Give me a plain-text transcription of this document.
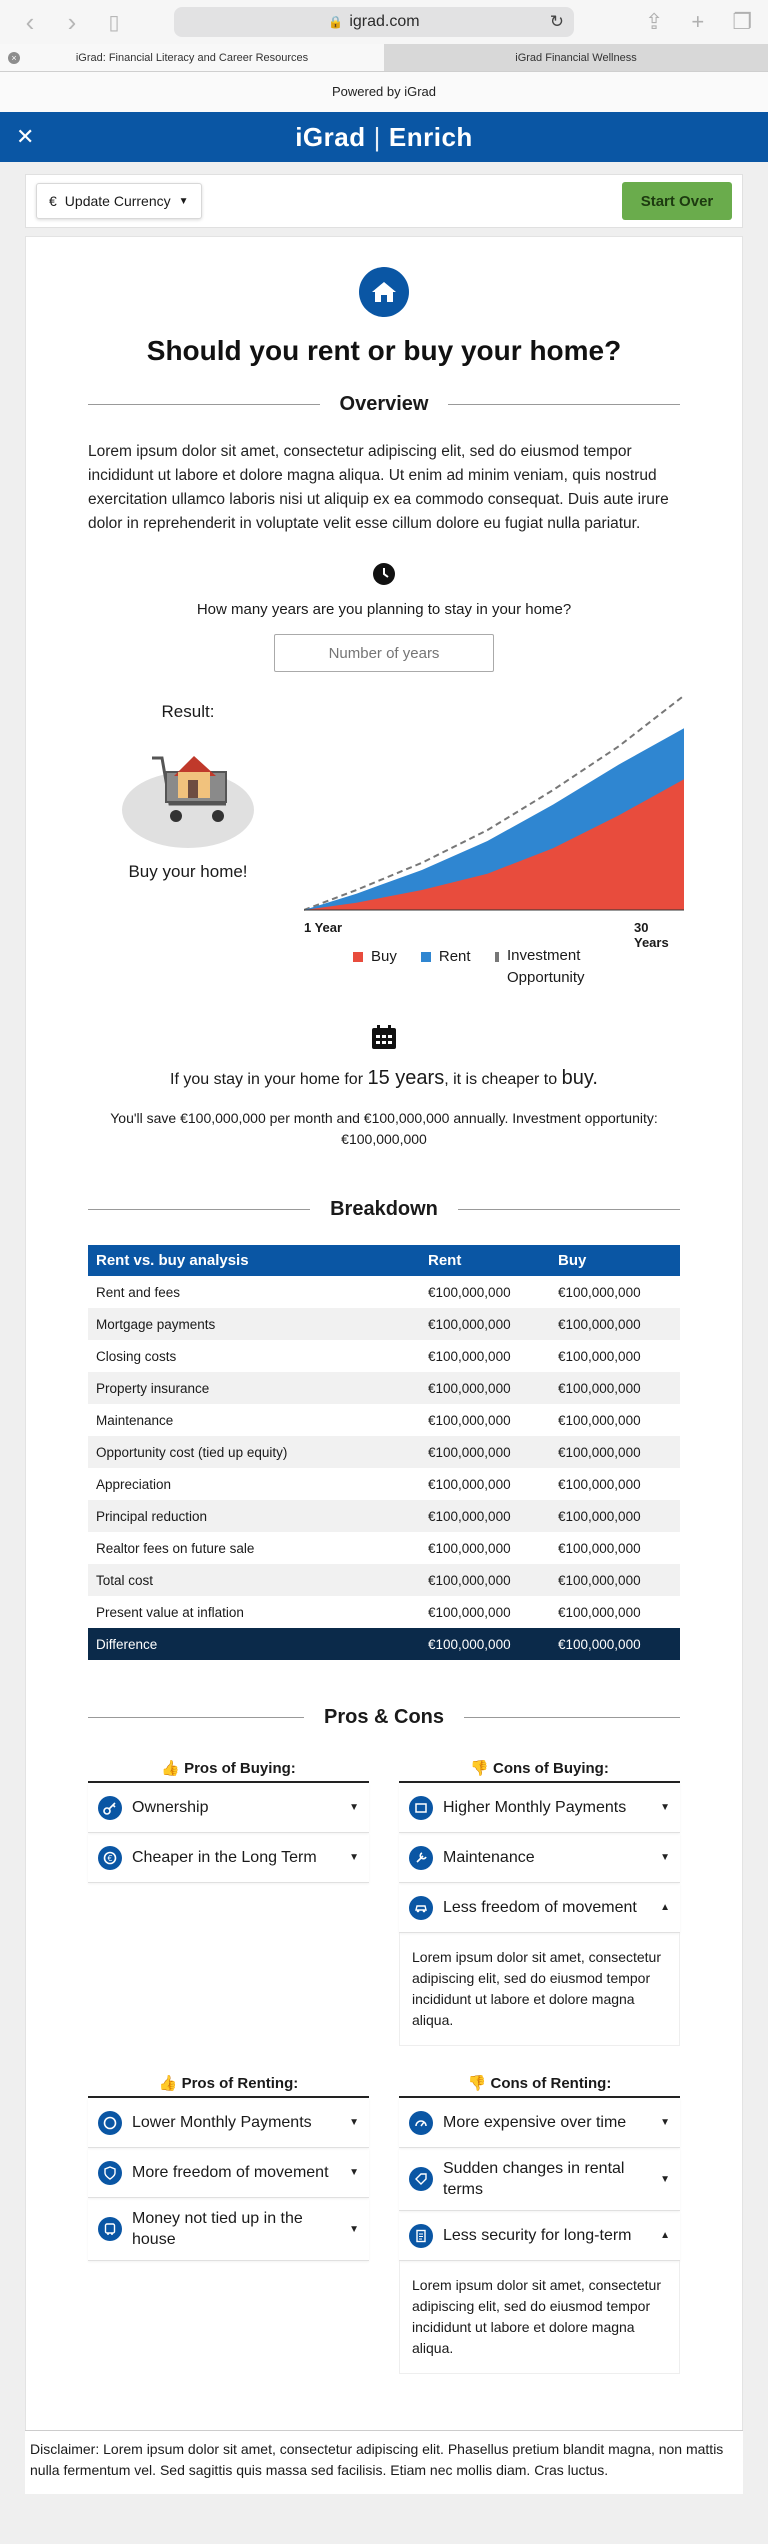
‹	›	▯	🔒 igrad.com	↻	⇪ + ❐
×	iGrad: Financial Literacy and Career Resources	iGrad Financial Wellness
Powered by iGrad
✕	iGrad | Enrich
€ Update Currency ▼	Start Over
Should you rent or buy your home?
Overview

Lorem ipsum dolor sit amet, consectetur adipiscing elit, sed do eiusmod tempor incididunt ut labore et dolore magna aliqua. Ut enim ad minim veniam, quis nostrud exercitation ullamco laboris nisi ut aliquip ex ea commodo consequat. Duis aute irure dolor in reprehenderit in voluptate velit esse cillum dolore eu fugiat nulla pariatur.

How many years are you planning to stay in your home?
Number of years
Result:
Buy your home!
1 Year	30 Years
Buy	Rent Investment Opportunity
If you stay in your home for 15 years, it is cheaper to buy.
You'll save €100,000,000 per month and €100,000,000 annually. Investment opportunity: €100,000,000
Breakdown
Rent vs. buy analysis	Rent	Buy
Rent and fees	€100,000,000	€100,000,000
Mortgage payments	€100,000,000	€100,000,000
Closing costs	€100,000,000	€100,000,000
Property insurance	€100,000,000	€100,000,000
Maintenance	€100,000,000	€100,000,000
Opportunity cost (tied up equity)	€100,000,000	€100,000,000
Appreciation	€100,000,000	€100,000,000
Principal reduction	€100,000,000	€100,000,000
Realtor fees on future sale	€100,000,000	€100,000,000
Total cost	€100,000,000	€100,000,000
Present value at inflation	€100,000,000	€100,000,000
Difference	€100,000,000	€100,000,000
Pros & Cons
👍 Pros of Buying:
Ownership	▼
€ Cheaper in the Long Term	▼
👎 Cons of Buying:
Higher Monthly Payments	▼
Maintenance	▼
Less freedom of movement	▲
Lorem ipsum dolor sit amet, consectetur adipiscing elit, sed do eiusmod tempor incididunt ut labore et dolore magna aliqua.
👍 Pros of Renting:
Lower Monthly Payments	▼
More freedom of movement	▼
Money not tied up in the house
▼
👎 Cons of Renting:
More expensive over time	▼
Sudden changes in rental terms
▼
Less security for long-term	▲
Lorem ipsum dolor sit amet, consectetur adipiscing elit, sed do eiusmod tempor incididunt ut labore et dolore magna aliqua.
Disclaimer: Lorem ipsum dolor sit amet, consectetur adipiscing elit. Phasellus pretium blandit magna, non mattis nulla fermentum vel. Sed sagittis quis massa sed facilisis. Etiam nec mollis diam. Cras luctus.
